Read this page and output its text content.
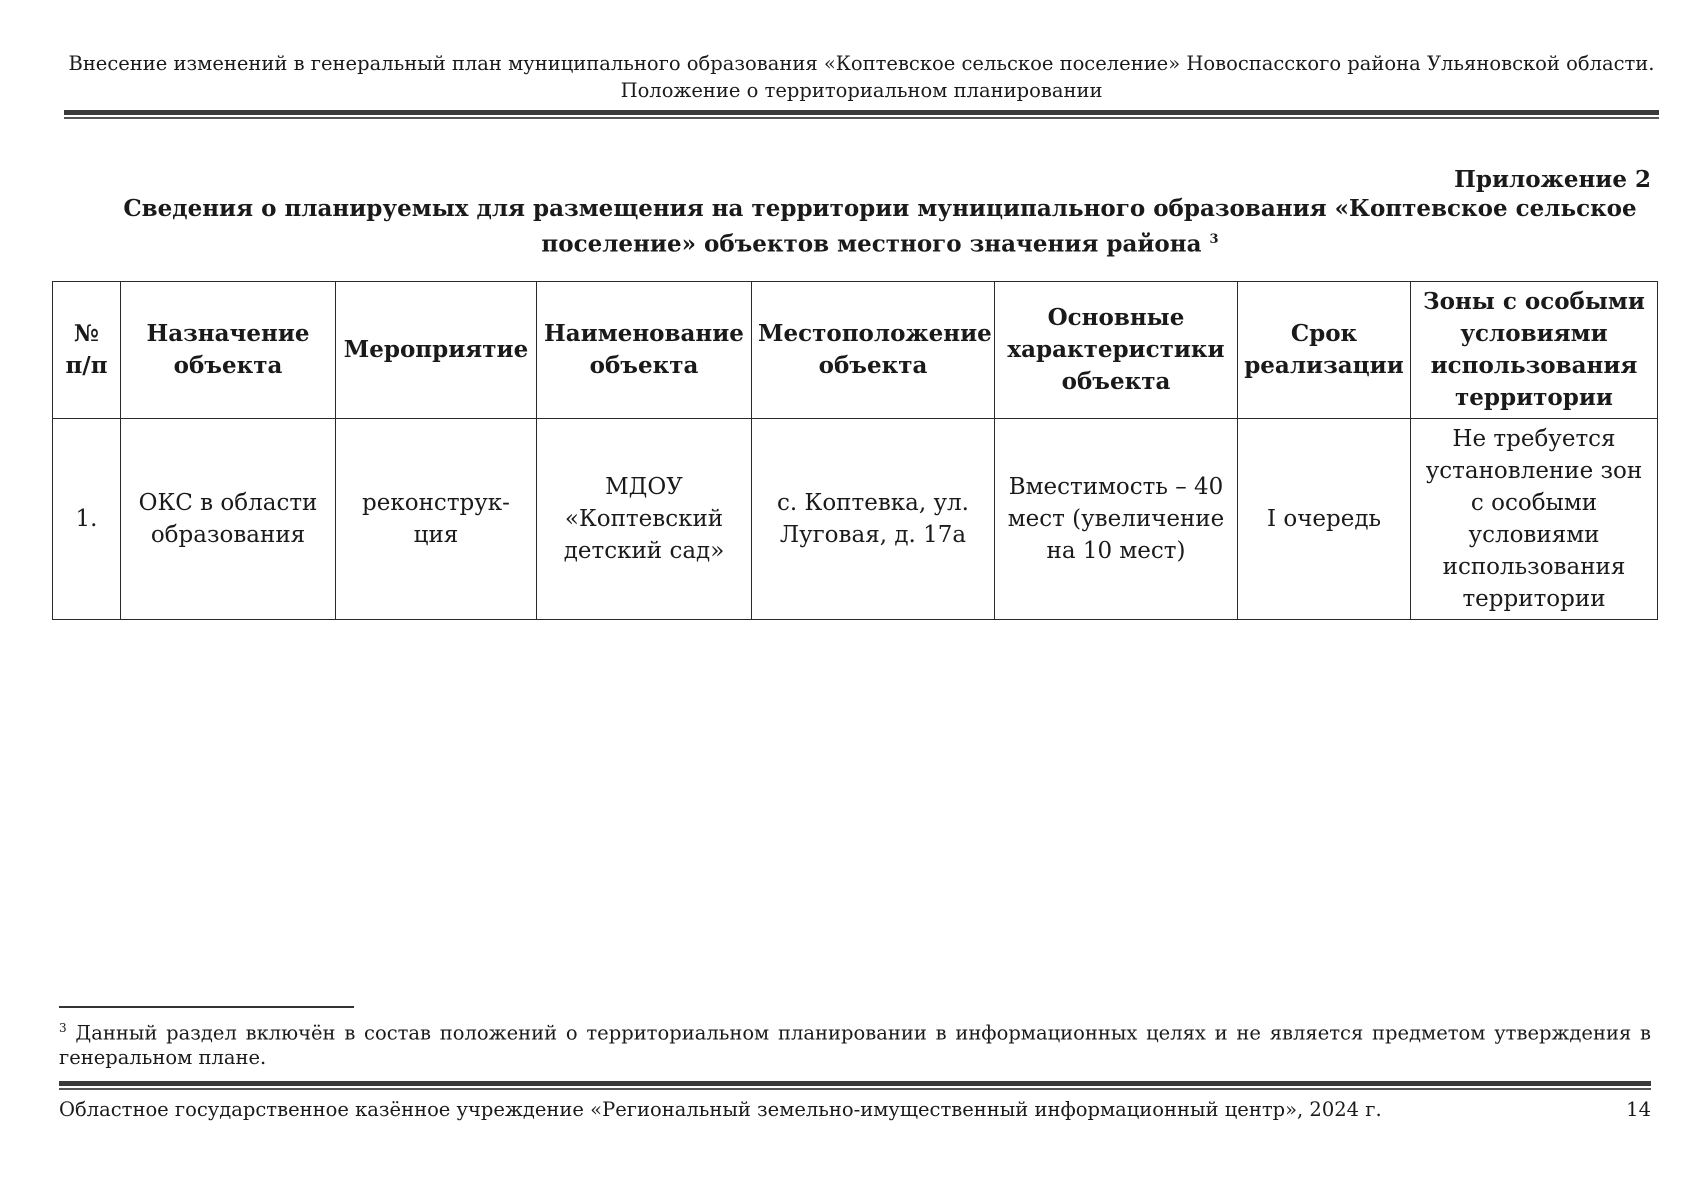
Внесение изменений в генеральный план муниципального образования «Коптевское сельское поселение» Новоспасского района Ульяновской области.
Положение о территориальном планировании
Приложение 2
Сведения о планируемых для размещения на территории муниципального образования «Коптевское сельское
поселение» объектов местного значения района $^3$
№ п/п	Назначение объекта	Мероприятие	Наименование объекта	Местоположение объекта	Основные характеристики объекта	Срок реализации	Зоны с особыми условиями использования территории
1.	ОКС в области образования	реконструк-ция	МДОУ «Коптевский детский сад»	с. Коптевка, ул. Луговая, д. 17а	Вместимость – 40 мест (увеличение на 10 мест)	I очередь	Не требуется установление зон с особыми условиями использования территории
$^3$ Данный раздел включён в состав положений о территориальном планировании в информационных целях и не является предметом утверждения в генеральном плане.
Областное государственное казённое учреждение «Региональный земельно-имущественный информационный центр», 2024 г.	14
